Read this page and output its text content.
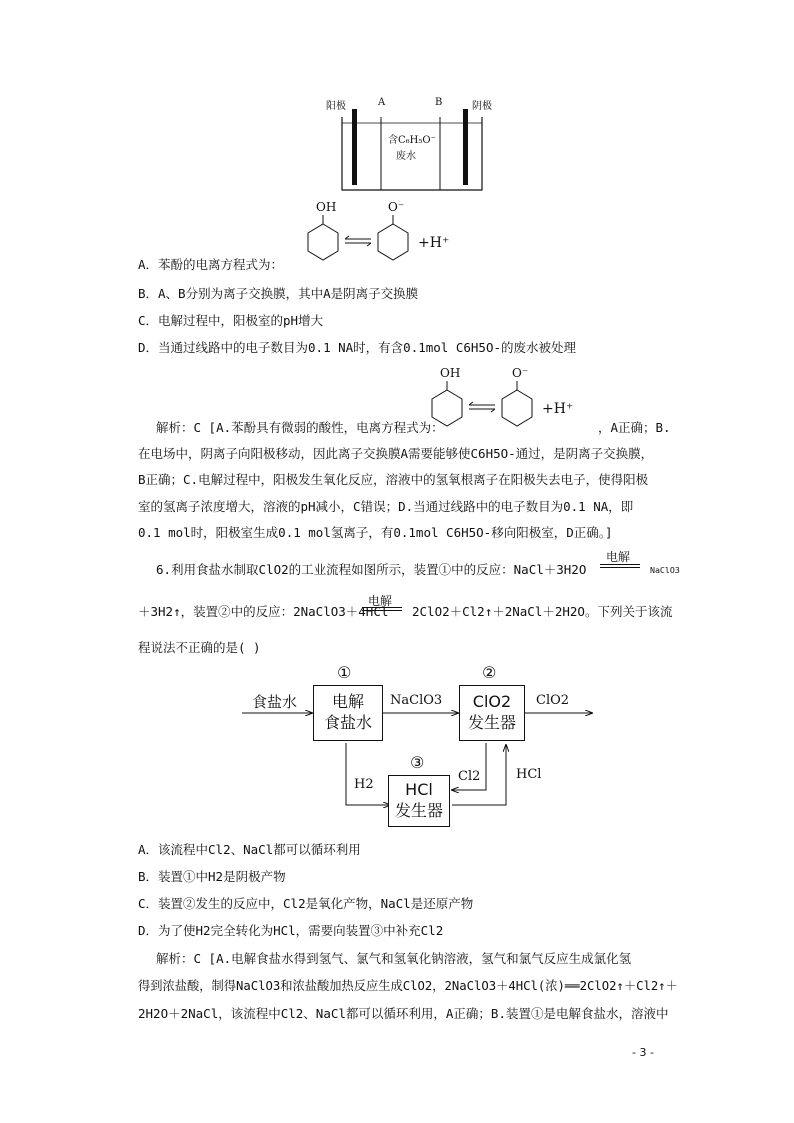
阳极	A	B	阴极
含C₆H₅O⁻
废水
OH	O⁻
+H⁺
A．苯酚的电离方程式为：
B．A、B分别为离子交换膜，其中A是阴离子交换膜
C．电解过程中，阳极室的pH增大
D．当通过线路中的电子数目为0.1 NA时，有含0.1mol C6H5O-的废水被处理
OH	O⁻
+H⁺
解析：C [A.苯酚具有微弱的酸性，电离方程式为：	，A正确；B.
在电场中，阴离子向阳极移动，因此离子交换膜A需要能够使C6H5O-通过，是阴离子交换膜，
B正确；C.电解过程中，阳极发生氧化反应，溶液中的氢氧根离子在阳极失去电子，使得阳极
室的氢离子浓度增大，溶液的pH减小，C错误；D.当通过线路中的电子数目为0.1 NA，即
0.1 mol时，阳极室生成0.1 mol氢离子，有0.1mol C6H5O-移向阳极室，D正确。]
6.利用食盐水制取ClO2的工业流程如图所示，装置①中的反应：NaCl＋3H2O
电解
NaClO3
＋3H2↑，装置②中的反应：2NaClO3＋4HCl
电解
2ClO2＋Cl2↑＋2NaCl＋2H2O。下列关于该流
程说法不正确的是( )
食盐水
①
电解
食盐水
NaClO3
②
ClO2
发生器
ClO2
③
HCl
发生器
H2
Cl2	HCl
A．该流程中Cl2、NaCl都可以循环利用
B．装置①中H2是阴极产物
C．装置②发生的反应中，Cl2是氧化产物，NaCl是还原产物
D．为了使H2完全转化为HCl，需要向装置③中补充Cl2
解析：C [A.电解食盐水得到氢气、氯气和氢氧化钠溶液，氢气和氯气反应生成氯化氢
得到浓盐酸，制得NaClO3和浓盐酸加热反应生成ClO2，2NaClO3＋4HCl(浓)══2ClO2↑＋Cl2↑＋
2H2O＋2NaCl，该流程中Cl2、NaCl都可以循环利用，A正确；B.装置①是电解食盐水，溶液中
- 3 -
